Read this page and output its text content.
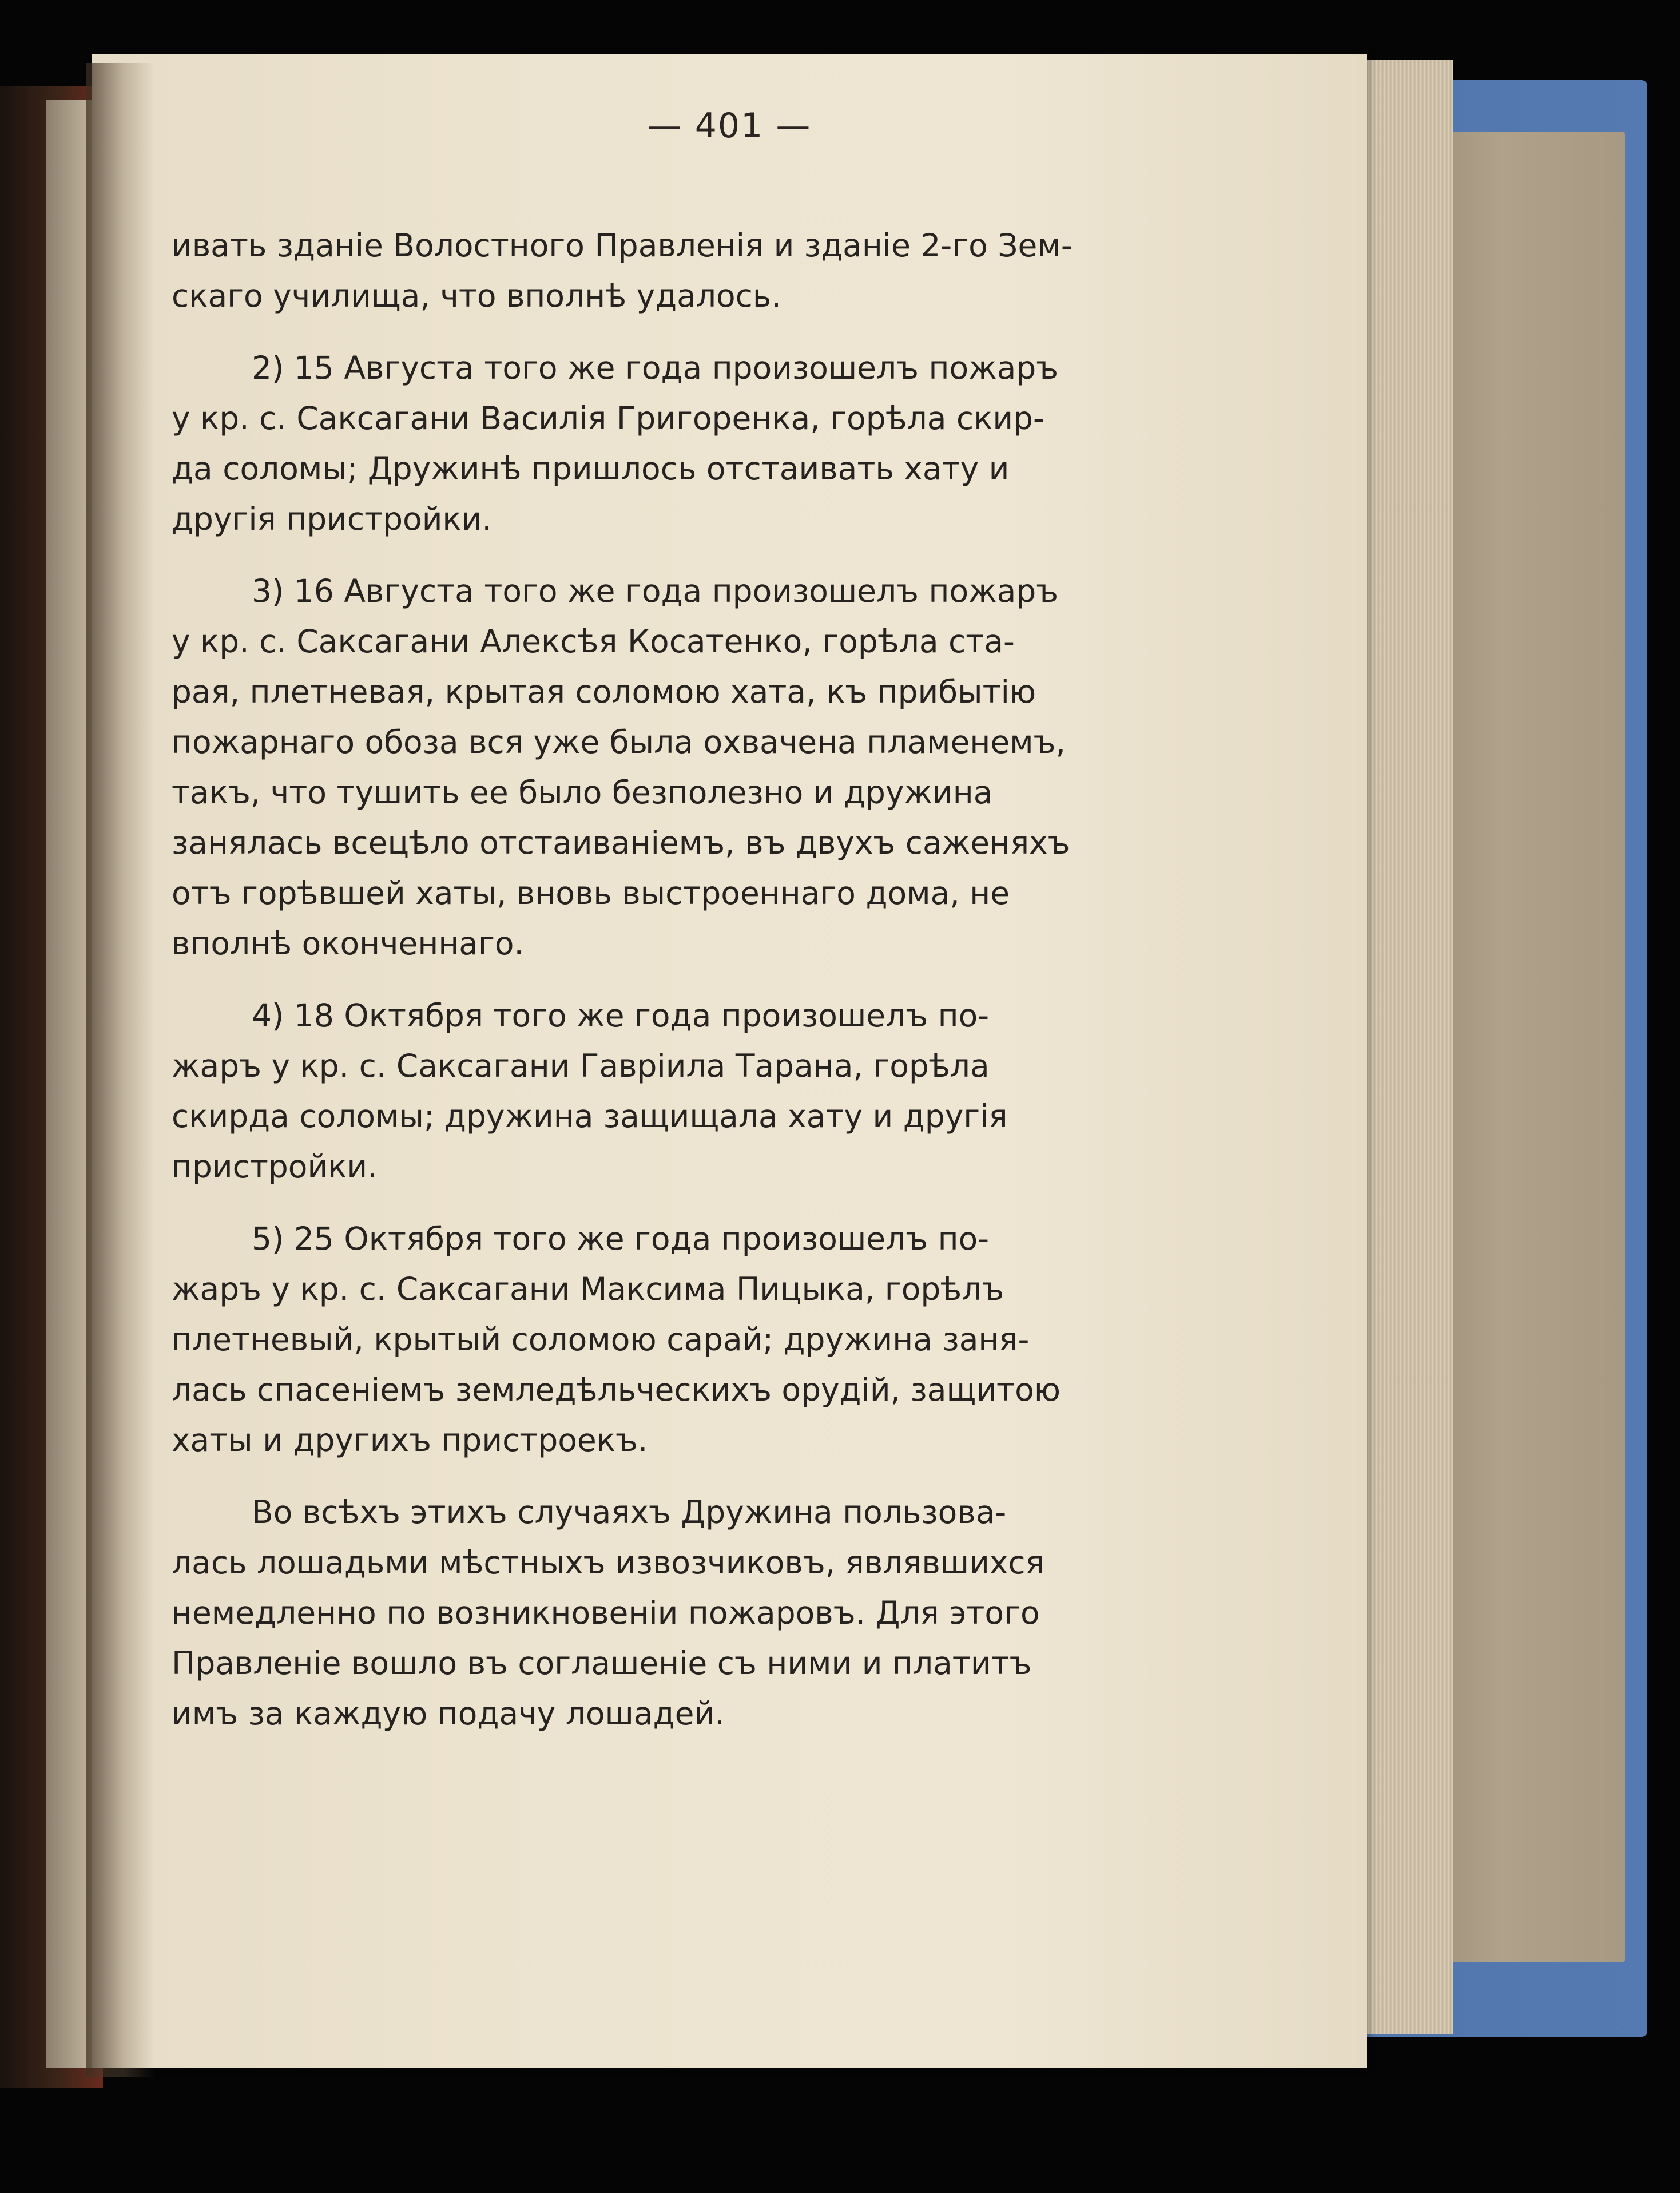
— 401 —

ивать зданіе Волостного Правленія и зданіе 2-го Зем-
скаго училища, что вполнѣ удалось.

2) 15 Августа того же года произошелъ пожаръ
у кр. с. Саксагани Василія Григоренка, горѣла скир-
да соломы; Дружинѣ пришлось отстаивать хату и
другія пристройки.

3) 16 Августа того же года произошелъ пожаръ
у кр. с. Саксагани Алексѣя Косатенко, горѣла ста-
рая, плетневая, крытая соломою хата, къ прибытію
пожарнаго обоза вся уже была охвачена пламенемъ,
такъ, что тушить ее было безполезно и дружина
занялась всецѣло отстаиваніемъ, въ двухъ саженяхъ
отъ горѣвшей хаты, вновь выстроеннаго дома, не
вполнѣ оконченнаго.

4) 18 Октября того же года произошелъ по-
жаръ у кр. с. Саксагани Гавріила Тарана, горѣла
скирда соломы; дружина защищала хату и другія
пристройки.

5) 25 Октября того же года произошелъ по-
жаръ у кр. с. Саксагани Максима Пицыка, горѣлъ
плетневый, крытый соломою сарай; дружина заня-
лась спасеніемъ земледѣльческихъ орудій, защитою
хаты и другихъ пристроекъ.

Во всѣхъ этихъ случаяхъ Дружина пользова-
лась лошадьми мѣстныхъ извозчиковъ, являвшихся
немедленно по возникновеніи пожаровъ. Для этого
Правленіе вошло въ соглашеніе съ ними и платитъ
имъ за каждую подачу лошадей.
